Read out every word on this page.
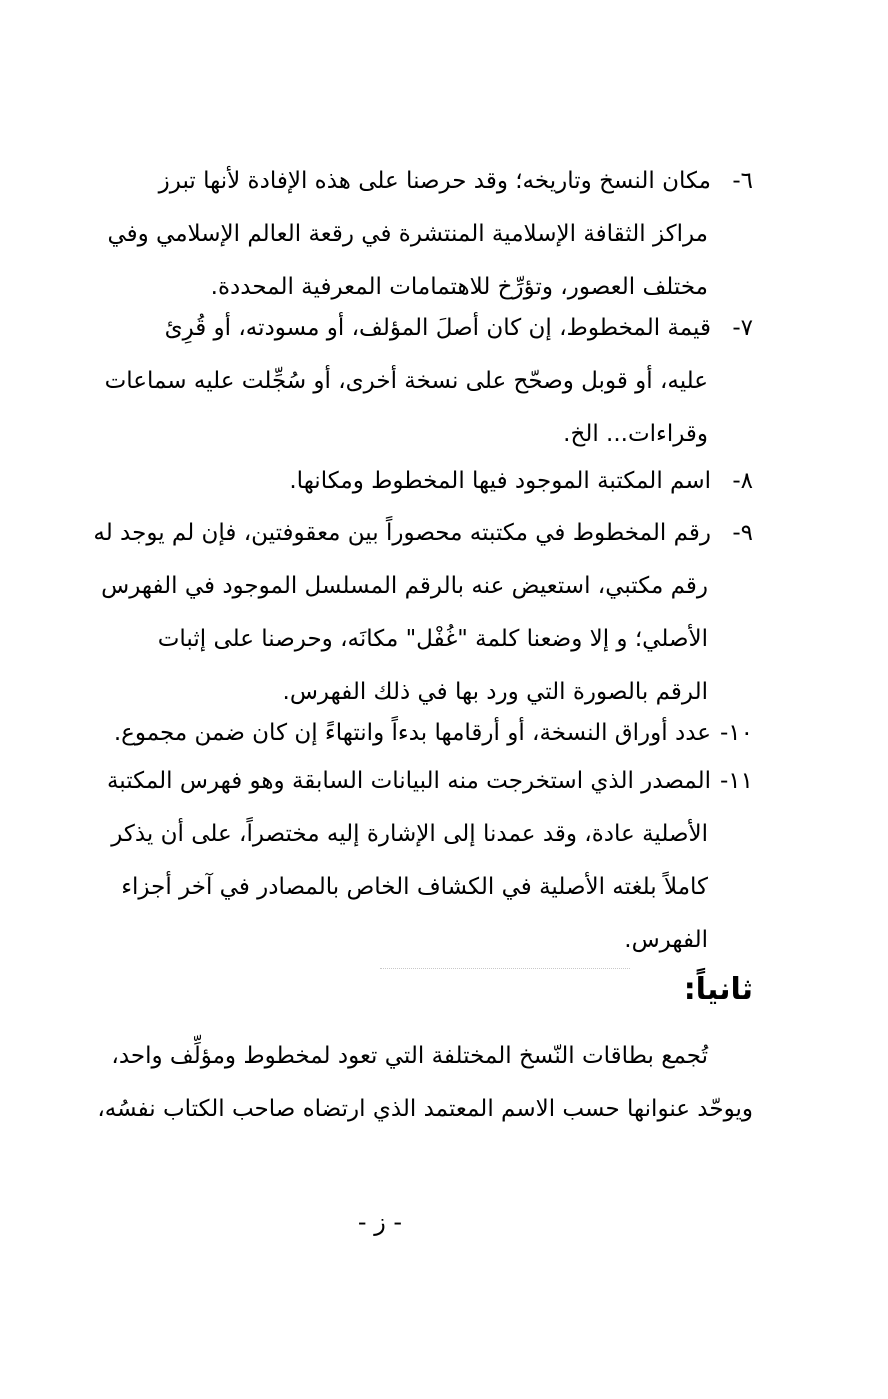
٦-مكان النسخ وتاريخه؛ وقد حرصنا على هذه الإفادة لأنها تبرز
مراكز الثقافة الإسلامية المنتشرة في رقعة العالم الإسلامي وفي
مختلف العصور، وتؤرِّخ للاهتمامات المعرفية المحددة.
٧-قيمة المخطوط، إن كان أصلَ المؤلف، أو مسودته، أو قُرِئ
عليه، أو قوبل وصحّح على نسخة أخرى، أو سُجِّلت عليه سماعات
وقراءات... الخ.
٨-اسم المكتبة الموجود فيها المخطوط ومكانها.
٩-رقم المخطوط في مكتبته محصوراً بين معقوفتين، فإن لم يوجد له
رقم مكتبي، استعيض عنه بالرقم المسلسل الموجود في الفهرس
الأصلي؛ و إلا وضعنا كلمة "غُفْل" مكانَه، وحرصنا على إثبات
الرقم بالصورة التي ورد بها في ذلك الفهرس.
١٠-عدد أوراق النسخة، أو أرقامها بدءاً وانتهاءً إن كان ضمن مجموع.
١١-المصدر الذي استخرجت منه البيانات السابقة وهو فهرس المكتبة
الأصلية عادة، وقد عمدنا إلى الإشارة إليه مختصراً، على أن يذكر
كاملاً بلغته الأصلية في الكشاف الخاص بالمصادر في آخر أجزاء
الفهرس.
ثانياً:
تُجمع بطاقات النّسخ المختلفة التي تعود لمخطوط ومؤلِّف واحد،
ويوحّد عنوانها حسب الاسم المعتمد الذي ارتضاه صاحب الكتاب نفسُه،
- ز -
